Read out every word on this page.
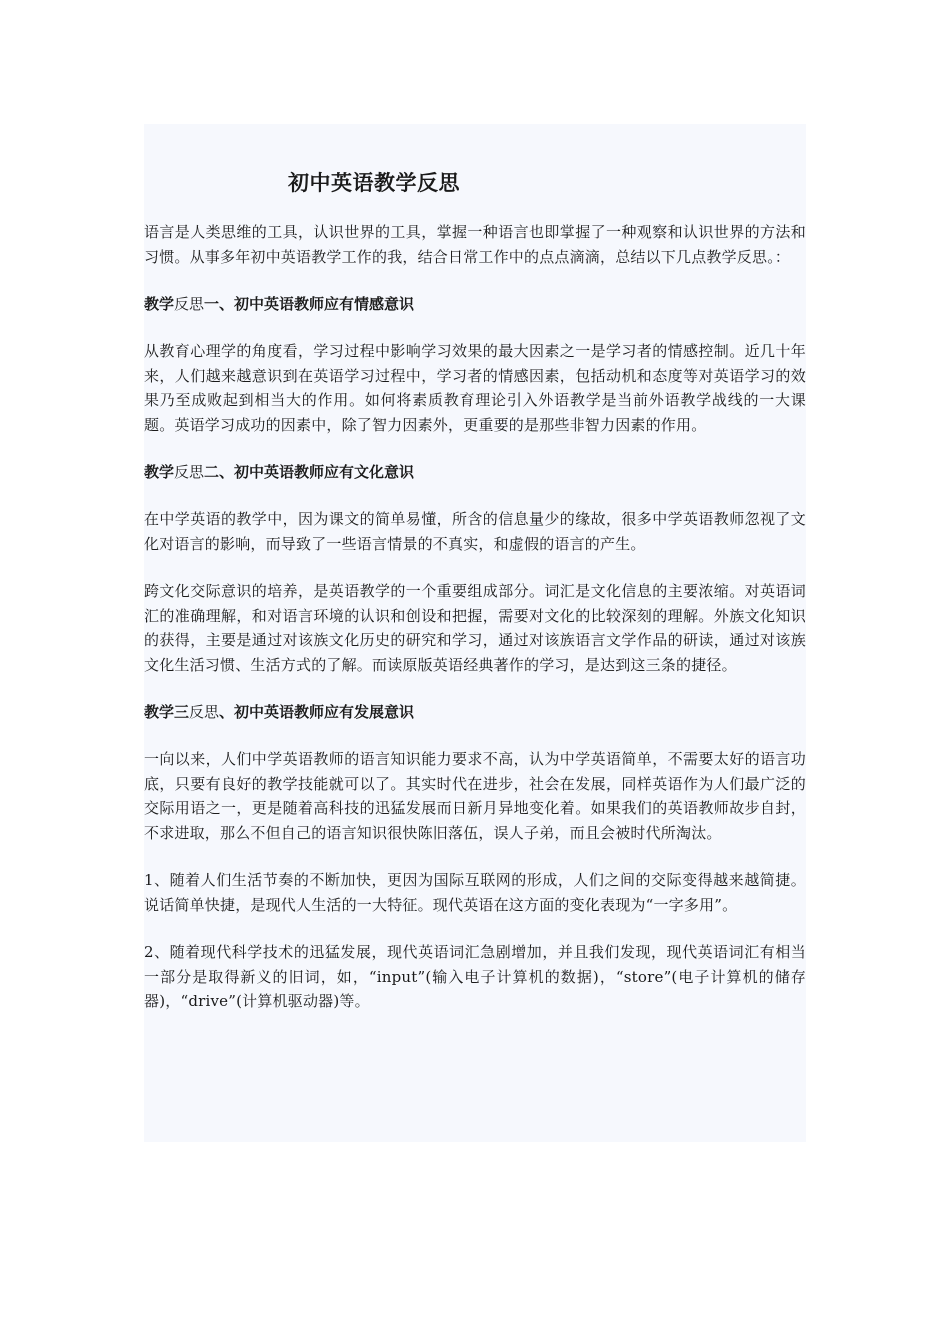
初中英语教学反思

语言是人类思维的工具，认识世界的工具，掌握一种语言也即掌握了一种观察和认识世界的方法和习惯。从事多年初中英语教学工作的我，结合日常工作中的点点滴滴，总结以下几点教学反思。：

教学反思一、初中英语教师应有情感意识

从教育心理学的角度看，学习过程中影响学习效果的最大因素之一是学习者的情感控制。近几十年来，人们越来越意识到在英语学习过程中，学习者的情感因素，包括动机和态度等对英语学习的效果乃至成败起到相当大的作用。如何将素质教育理论引入外语教学是当前外语教学战线的一大课题。英语学习成功的因素中，除了智力因素外，更重要的是那些非智力因素的作用。

教学反思二、初中英语教师应有文化意识

在中学英语的教学中，因为课文的简单易懂，所含的信息量少的缘故，很多中学英语教师忽视了文化对语言的影响，而导致了一些语言情景的不真实，和虚假的语言的产生。

跨文化交际意识的培养，是英语教学的一个重要组成部分。词汇是文化信息的主要浓缩。对英语词汇的准确理解，和对语言环境的认识和创设和把握，需要对文化的比较深刻的理解。外族文化知识的获得，主要是通过对该族文化历史的研究和学习，通过对该族语言文学作品的研读，通过对该族文化生活习惯、生活方式的了解。而读原版英语经典著作的学习，是达到这三条的捷径。

教学三反思、初中英语教师应有发展意识

一向以来，人们中学英语教师的语言知识能力要求不高，认为中学英语简单，不需要太好的语言功底，只要有良好的教学技能就可以了。其实时代在进步，社会在发展，同样英语作为人们最广泛的交际用语之一，更是随着高科技的迅猛发展而日新月异地变化着。如果我们的英语教师故步自封，不求进取，那么不但自己的语言知识很快陈旧落伍，误人子弟，而且会被时代所淘汰。

1、随着人们生活节奏的不断加快，更因为国际互联网的形成，人们之间的交际变得越来越简捷。说话简单快捷，是现代人生活的一大特征。现代英语在这方面的变化表现为“一字多用”。

2、随着现代科学技术的迅猛发展，现代英语词汇急剧增加，并且我们发现，现代英语词汇有相当一部分是取得新义的旧词，如，“input”(输入电子计算机的数据)，“store”(电子计算机的储存器)，“drive”(计算机驱动器)等。
